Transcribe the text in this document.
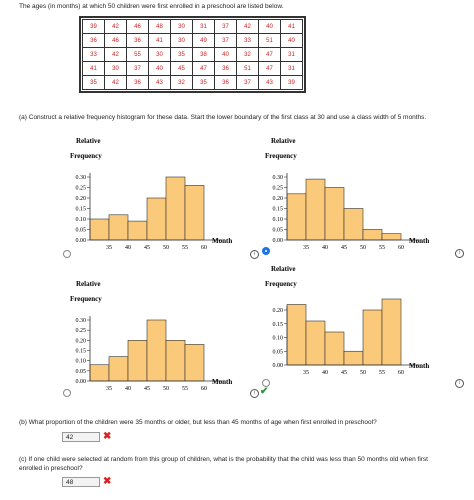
The ages (in months) at which 50 children were first enrolled in a preschool are listed below.
39	42	46	48	30	31	37	42	40	41
36	46	36	41	30	49	37	33	51	40
33	42	55	30	35	38	40	32	47	31
41	30	37	40	45	47	36	51	47	31
35	42	36	43	32	35	36	37	43	39
(a) Construct a relative frequency histogram for these data. Start the lower boundary of the first class at 30 and use a class width of 5 months.
Relative
Frequency
0.00
0.05
0.10
0.15
0.20
0.25
0.30
35 40 45 50 55 60
Month
Relative
Frequency
0.00
0.05
0.10
0.15
0.20
0.25
0.30
35 40 45 50 55 60
Month
Relative
Frequency
0.00
0.05
0.10
0.15
0.20
0.25
0.30
35 40 45 50 55 60
Month
Relative
Frequency
0.00
0.05
0.10
0.15
0.20
35 40 45 50 55 60
Month
i	i
i
i
✔
(b) What proportion of the children were 35 months or older, but less than 45 months of age when first enrolled in preschool?
42	✖
(c) If one child were selected at random from this group of children, what is the probability that the child was less than 50 months old when first enrolled in preschool?
48	✖
